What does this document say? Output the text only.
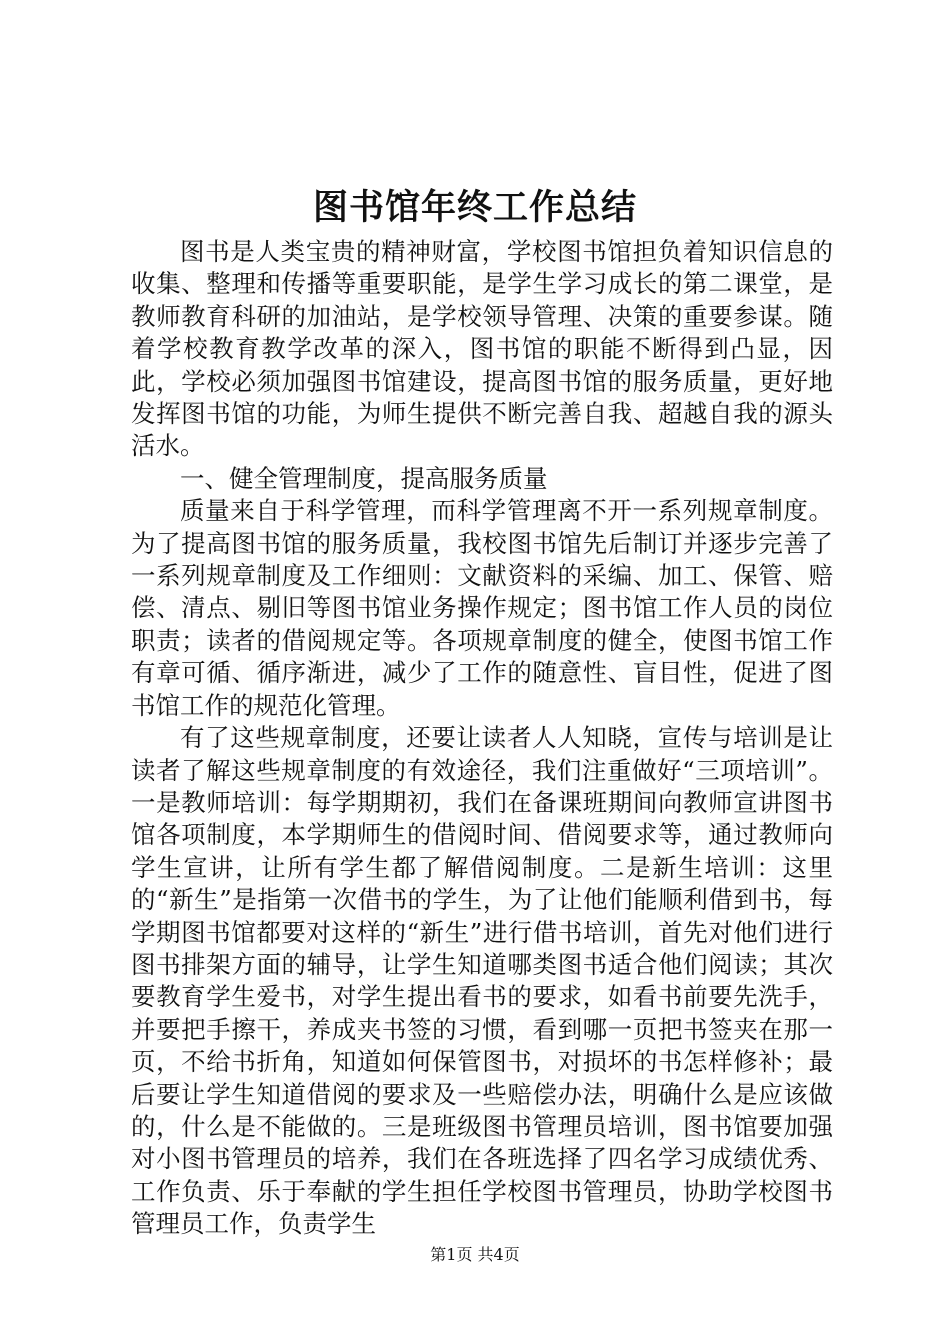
图书馆年终工作总结

图书是人类宝贵的精神财富，学校图书馆担负着知识信息的收集、整理和传播等重要职能，是学生学习成长的第二课堂，是教师教育科研的加油站，是学校领导管理、决策的重要参谋。随着学校教育教学改革的深入，图书馆的职能不断得到凸显，因此，学校必须加强图书馆建设，提高图书馆的服务质量，更好地发挥图书馆的功能，为师生提供不断完善自我、超越自我的源头活水。

一、健全管理制度，提高服务质量

质量来自于科学管理，而科学管理离不开一系列规章制度。为了提高图书馆的服务质量，我校图书馆先后制订并逐步完善了一系列规章制度及工作细则：文献资料的采编、加工、保管、赔偿、清点、剔旧等图书馆业务操作规定；图书馆工作人员的岗位职责；读者的借阅规定等。各项规章制度的健全，使图书馆工作有章可循、循序渐进，减少了工作的随意性、盲目性，促进了图书馆工作的规范化管理。

有了这些规章制度，还要让读者人人知晓，宣传与培训是让读者了解这些规章制度的有效途径，我们注重做好“三项培训”。一是教师培训：每学期期初，我们在备课班期间向教师宣讲图书馆各项制度，本学期师生的借阅时间、借阅要求等，通过教师向学生宣讲，让所有学生都了解借阅制度。二是新生培训：这里的“新生”是指第一次借书的学生，为了让他们能顺利借到书，每学期图书馆都要对这样的“新生”进行借书培训，首先对他们进行图书排架方面的辅导，让学生知道哪类图书适合他们阅读；其次要教育学生爱书，对学生提出看书的要求，如看书前要先洗手，并要把手擦干，养成夹书签的习惯，看到哪一页把书签夹在那一页，不给书折角，知道如何保管图书，对损坏的书怎样修补；最后要让学生知道借阅的要求及一些赔偿办法，明确什么是应该做的，什么是不能做的。三是班级图书管理员培训，图书馆要加强对小图书管理员的培养，我们在各班选择了四名学习成绩优秀、工作负责、乐于奉献的学生担任学校图书管理员，协助学校图书管理员工作，负责学生

第1页 共4页
